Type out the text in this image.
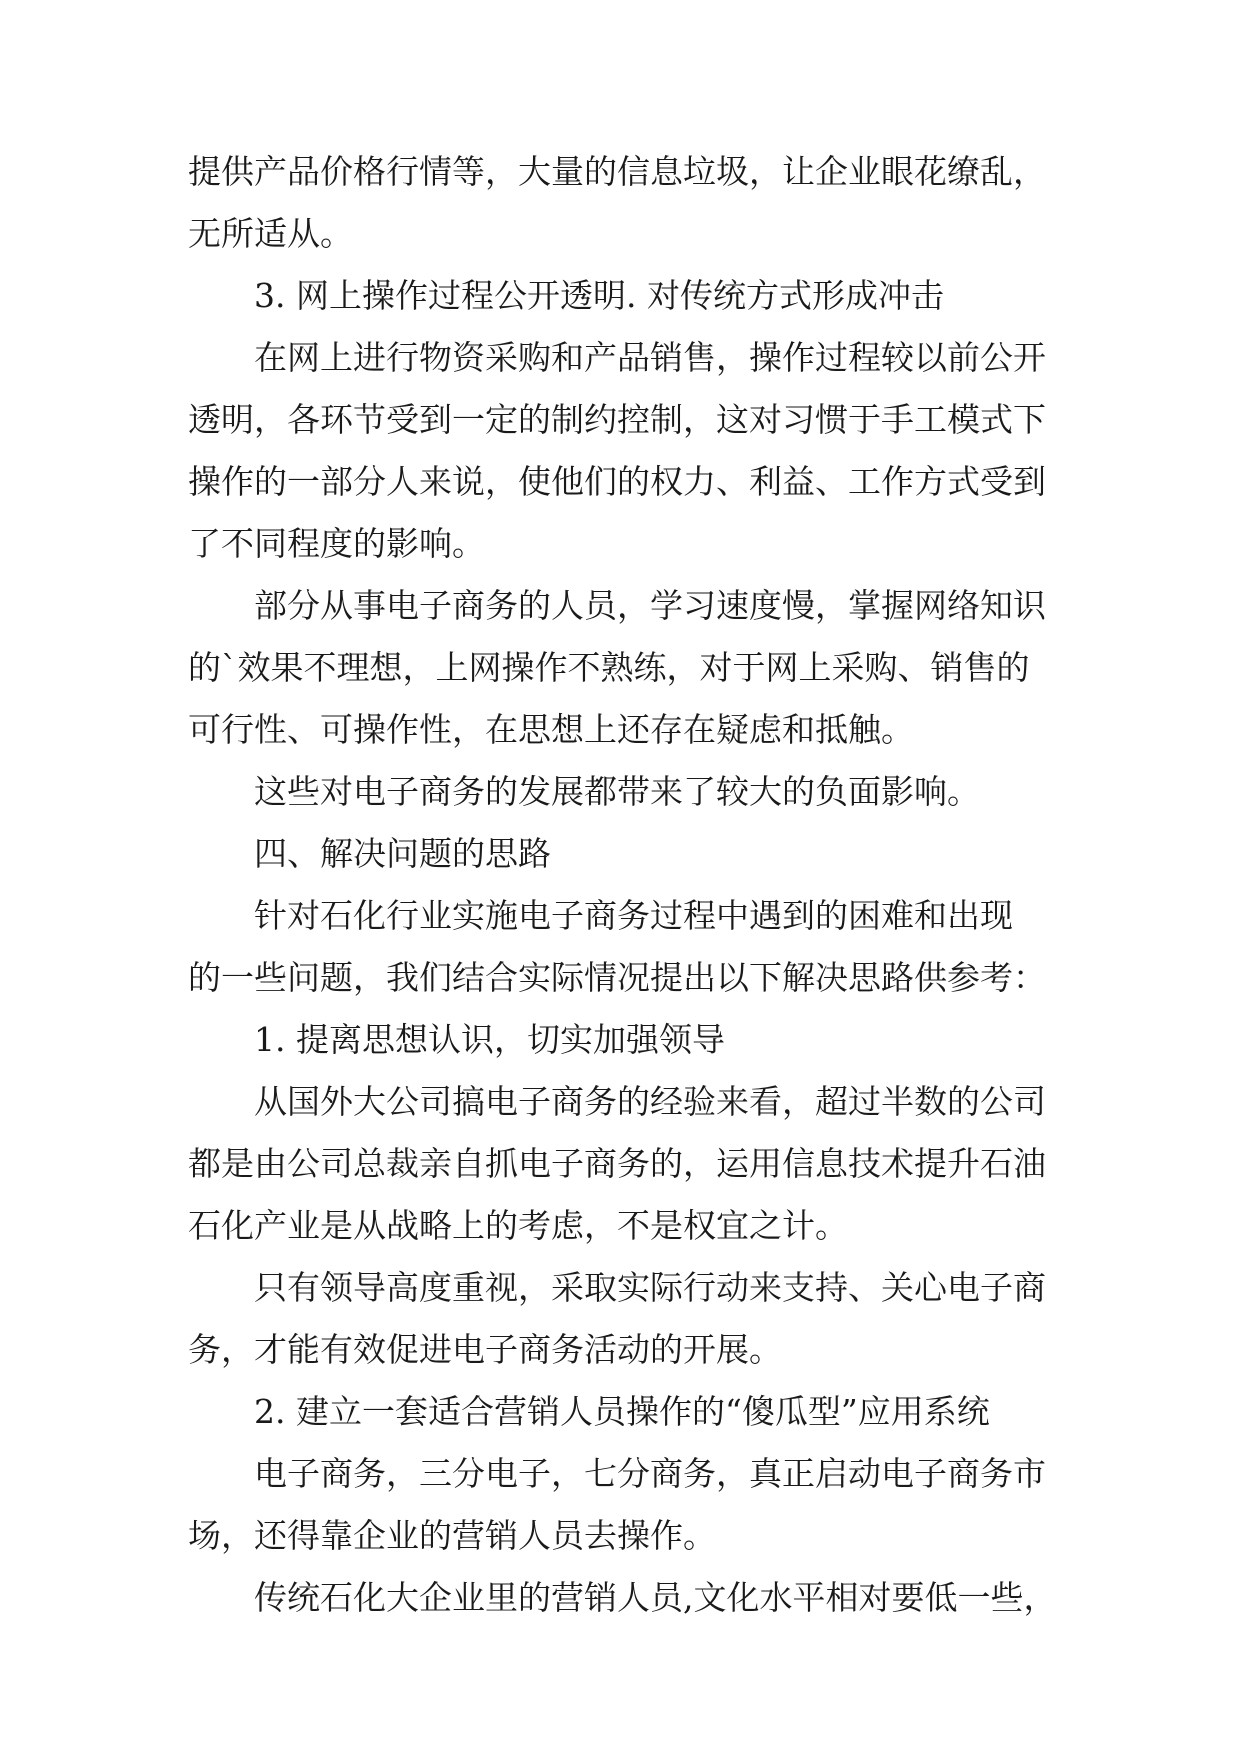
提供产品价格行情等，大量的信息垃圾，让企业眼花缭乱，
无所适从。
3. 网上操作过程公开透明. 对传统方式形成冲击
在网上进行物资采购和产品销售，操作过程较以前公开
透明，各环节受到一定的制约控制，这对习惯于手工模式下
操作的一部分人来说，使他们的权力、利益、工作方式受到
了不同程度的影响。
部分从事电子商务的人员，学习速度慢，掌握网络知识
的`效果不理想，上网操作不熟练，对于网上采购、销售的
可行性、可操作性，在思想上还存在疑虑和抵触。
这些对电子商务的发展都带来了较大的负面影响。
四、解决问题的思路
针对石化行业实施电子商务过程中遇到的困难和出现
的一些问题，我们结合实际情况提出以下解决思路供参考：
1. 提离思想认识，切实加强领导
从国外大公司搞电子商务的经验来看，超过半数的公司
都是由公司总裁亲自抓电子商务的，运用信息技术提升石油
石化产业是从战略上的考虑，不是权宜之计。
只有领导高度重视，采取实际行动来支持、关心电子商
务，才能有效促进电子商务活动的开展。
2. 建立一套适合营销人员操作的“傻瓜型”应用系统
电子商务，三分电子，七分商务，真正启动电子商务市
场，还得靠企业的营销人员去操作。
传统石化大企业里的营销人员,文化水平相对要低一些，
